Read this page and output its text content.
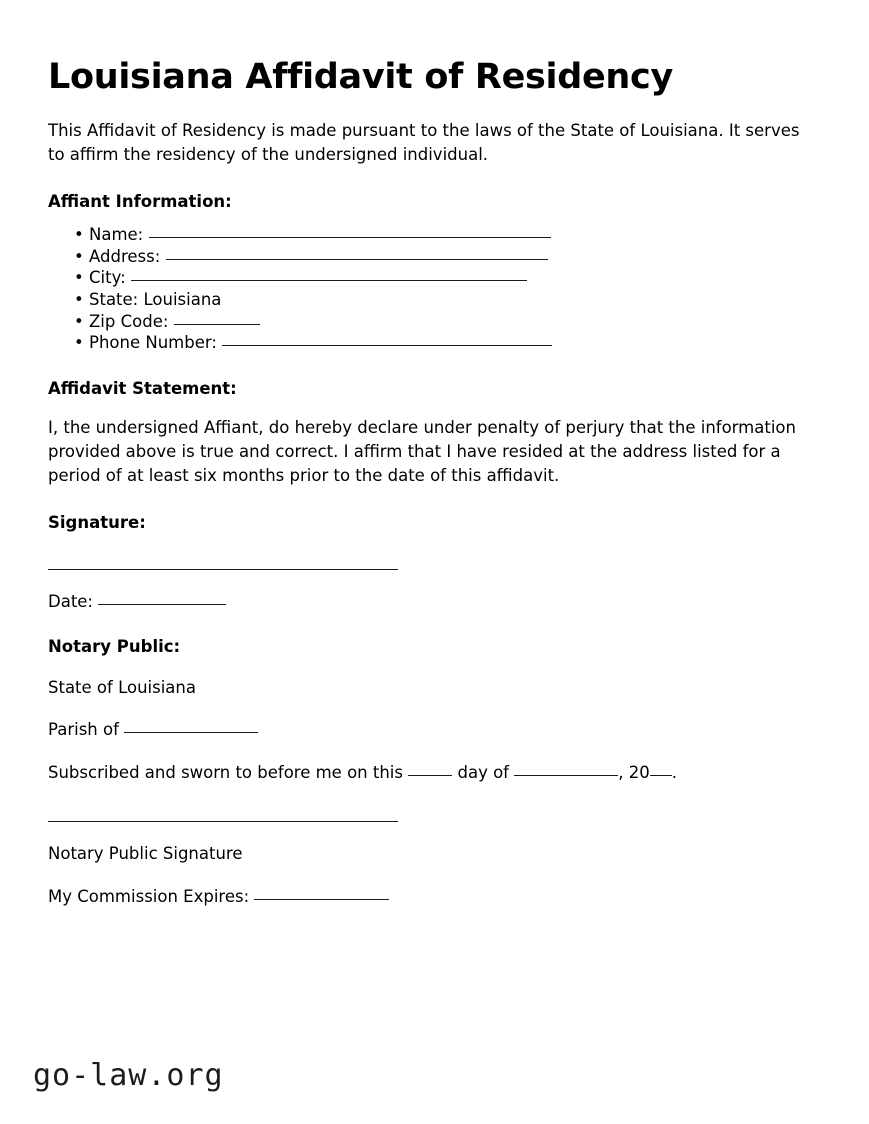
Louisiana Affidavit of Residency

This Affidavit of Residency is made pursuant to the laws of the State of Louisiana. It serves to affirm the residency of the undersigned individual.

Affiant Information:
• Name:
• Address:
• City:
• State: Louisiana
• Zip Code:
• Phone Number:
Affidavit Statement:

I, the undersigned Affiant, do hereby declare under penalty of perjury that the information provided above is true and correct. I affirm that I have resided at the address listed for a period of at least six months prior to the date of this affidavit.

Signature:

Date:

Notary Public:

State of Louisiana

Parish of

Subscribed and sworn to before me on this	day of	, 20 .

Notary Public Signature

My Commission Expires:

go-law.org
